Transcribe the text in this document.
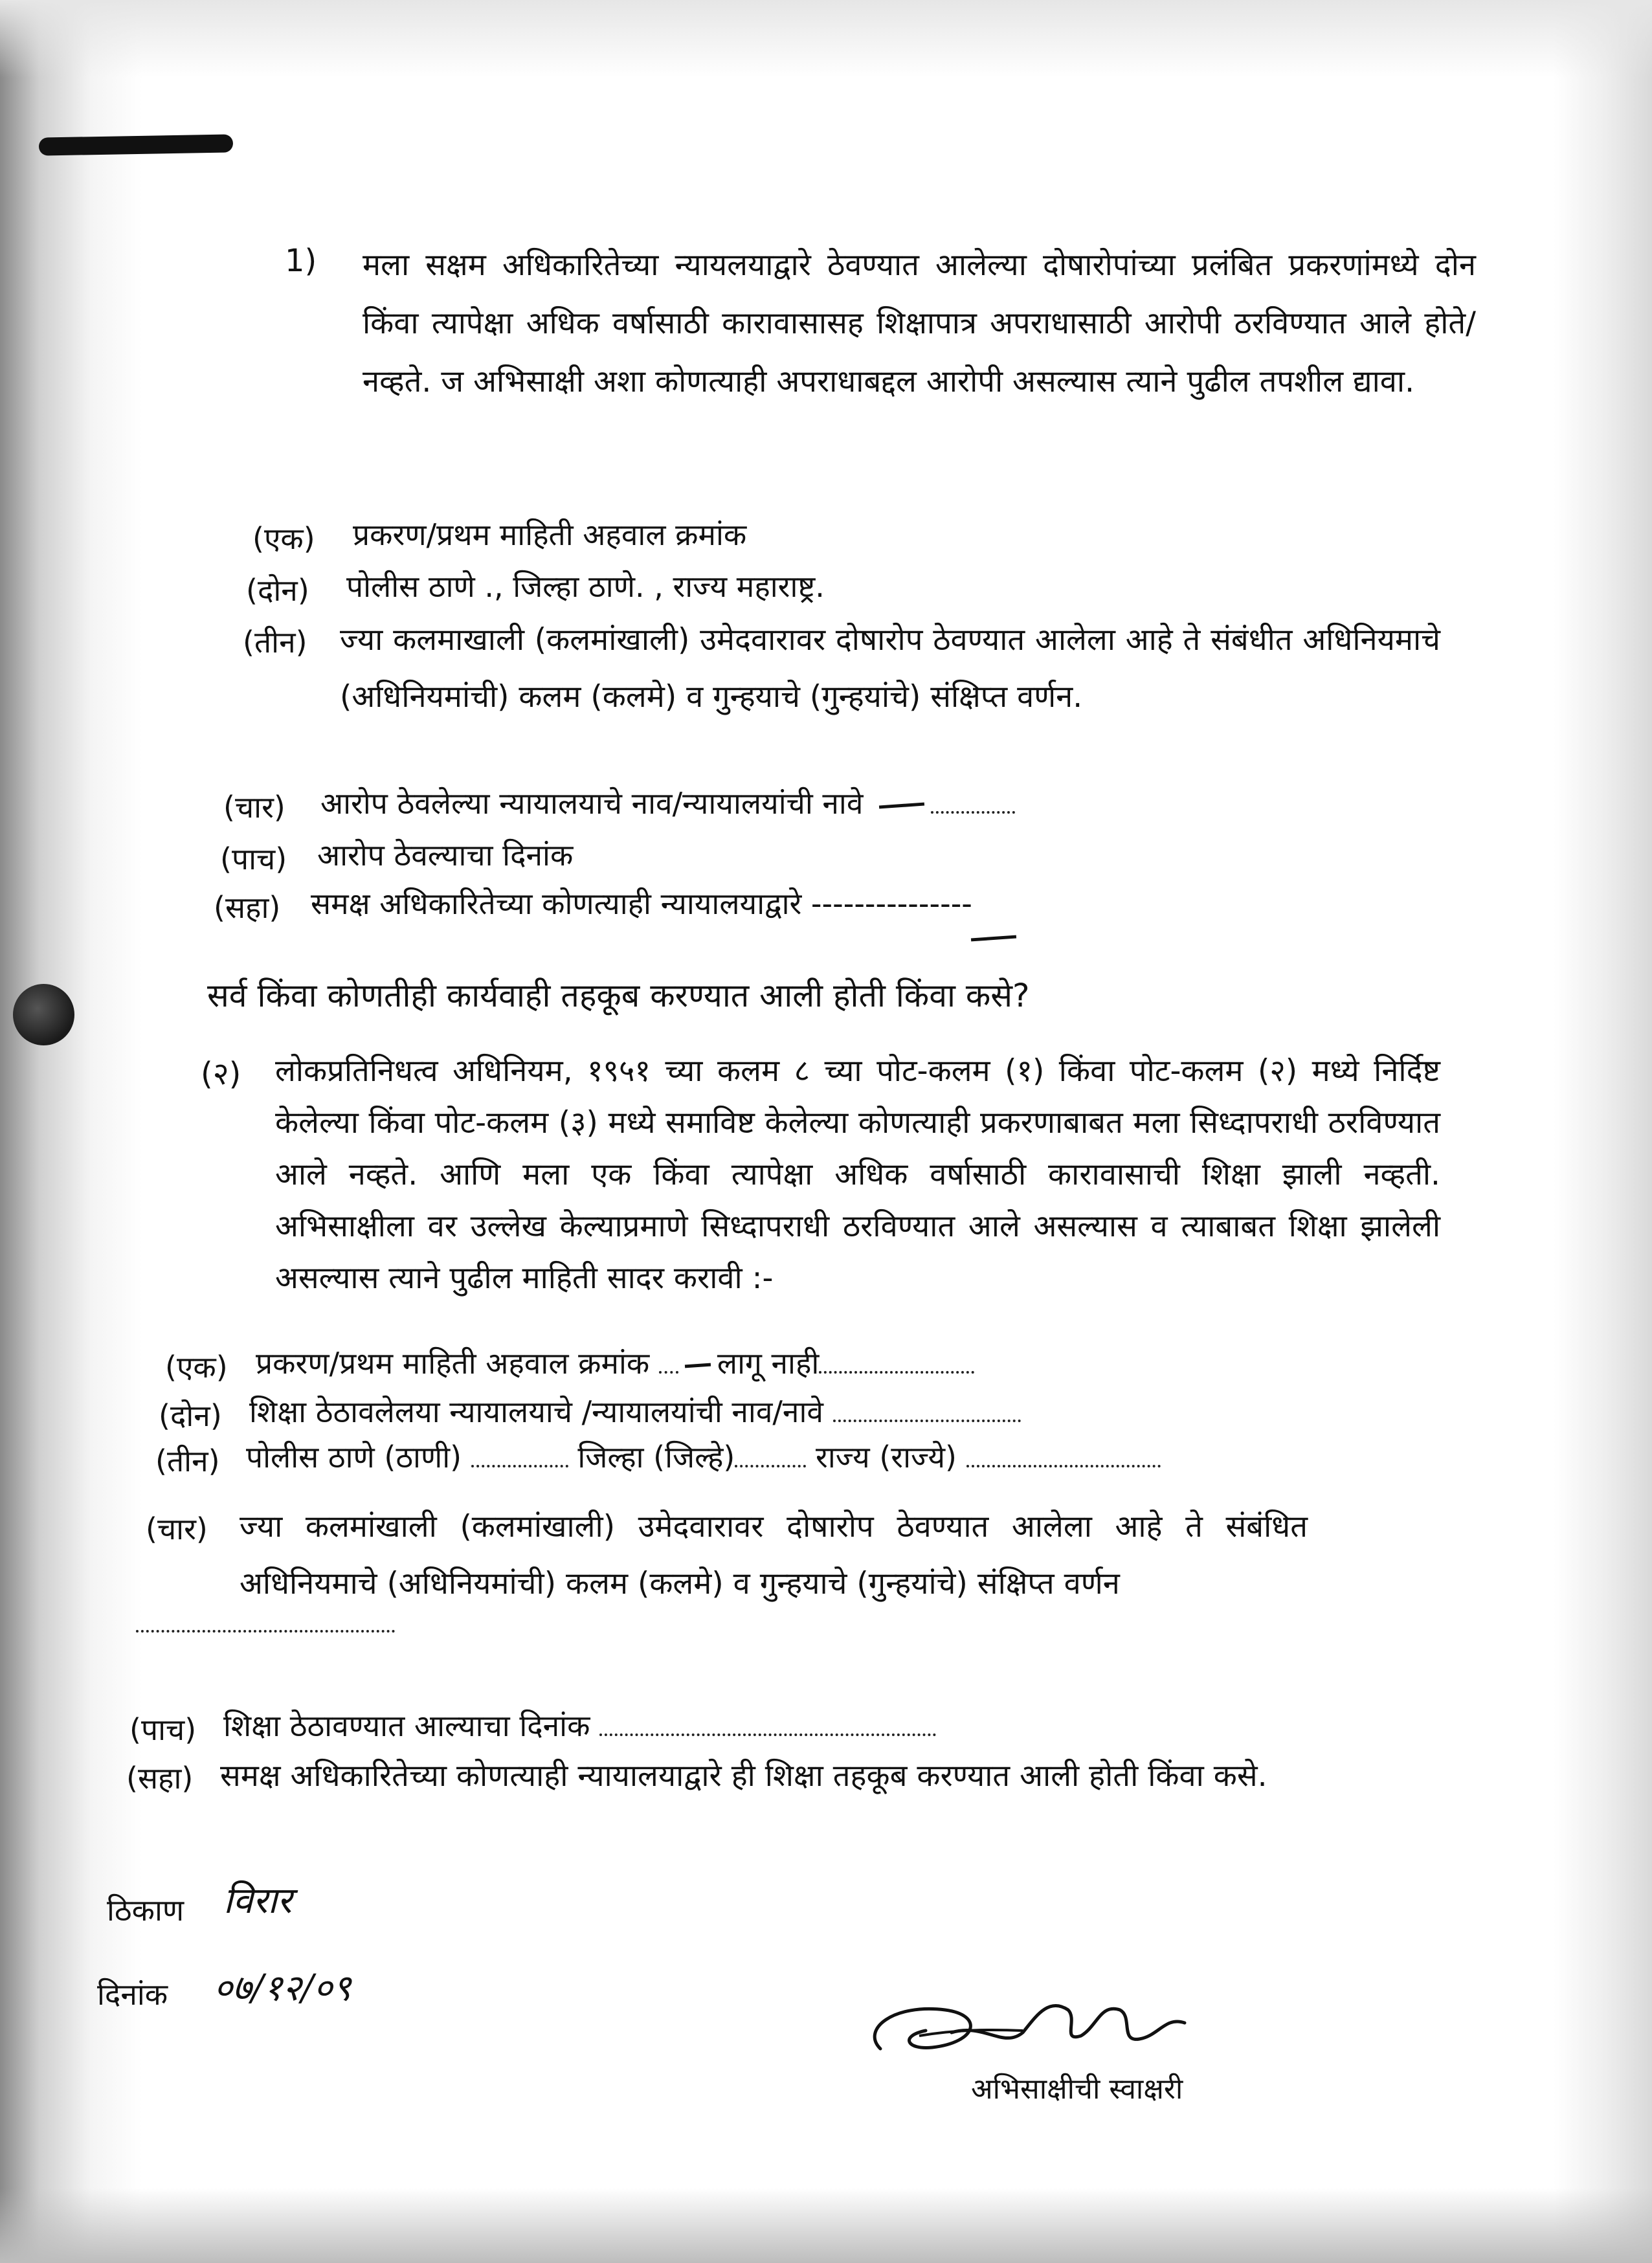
1) मला सक्षम अधिकारितेच्या न्यायलयाद्वारे ठेवण्यात आलेल्या दोषारोपांच्या प्रलंबित प्रकरणांमध्ये दोन किंवा त्यापेक्षा अधिक वर्षासाठी कारावासासह शिक्षापात्र अपराधासाठी आरोपी ठरविण्यात आले होते/नव्हते. ज अभिसाक्षी अशा कोणत्याही अपराधाबद्दल आरोपी असल्यास त्याने पुढील तपशील द्यावा.
(एक) प्रकरण/प्रथम माहिती अहवाल क्रमांक
(दोन) पोलीस ठाणे ., जिल्हा ठाणे. , राज्य महाराष्ट्र.
(तीन) ज्या कलमाखाली (कलमांखाली) उमेदवारावर दोषारोप ठेवण्यात आलेला आहे ते संबंधीत अधिनियमाचे (अधिनियमांची) कलम (कलमे) व गुन्हयाचे (गुन्हयांचे) संक्षिप्त वर्णन.
(चार) आरोप ठेवलेल्या न्यायालयाचे नाव/न्यायालयांची नावे
(पाच) आरोप ठेवल्याचा दिनांक
(सहा) समक्ष अधिकारितेच्या कोणत्याही न्यायालयाद्वारे ---------------
सर्व किंवा कोणतीही कार्यवाही तहकूब करण्यात आली होती किंवा कसे?
(२) लोकप्रतिनिधत्व अधिनियम, १९५१ च्या कलम ८ च्या पोट-कलम (१) किंवा पोट-कलम (२) मध्ये निर्दिष्ट केलेल्या किंवा पोट-कलम (३) मध्ये समाविष्ट केलेल्या कोणत्याही प्रकरणाबाबत मला सिध्दापराधी ठरविण्यात आले नव्हते. आणि मला एक किंवा त्यापेक्षा अधिक वर्षासाठी कारावासाची शिक्षा झाली नव्हती. अभिसाक्षीला वर उल्लेख केल्याप्रमाणे सिध्दापराधी ठरविण्यात आले असल्यास व त्याबाबत शिक्षा झालेली असल्यास त्याने पुढील माहिती सादर करावी :-
(एक) प्रकरण/प्रथम माहिती अहवाल क्रमांक लागू नाही
(दोन) शिक्षा ठेठावलेलया न्यायालयाचे /न्यायालयांची नाव/नावे
(तीन) पोलीस ठाणे (ठाणी)	जिल्हा (जिल्हे)	राज्य (राज्ये)
(चार) ज्या कलमांखाली (कलमांखाली) उमेदवारावर दोषारोप ठेवण्यात आलेला आहे ते संबंधित अधिनियमाचे (अधिनियमांची) कलम (कलमे) व गुन्हयाचे (गुन्हयांचे) संक्षिप्त वर्णन
(पाच) शिक्षा ठेठावण्यात आल्याचा दिनांक
(सहा) समक्ष अधिकारितेच्या कोणत्याही न्यायालयाद्वारे ही शिक्षा तहकूब करण्यात आली होती किंवा कसे.
ठिकाण विरार
दिनांक ०७/१२/०९
अभिसाक्षीची स्वाक्षरी
